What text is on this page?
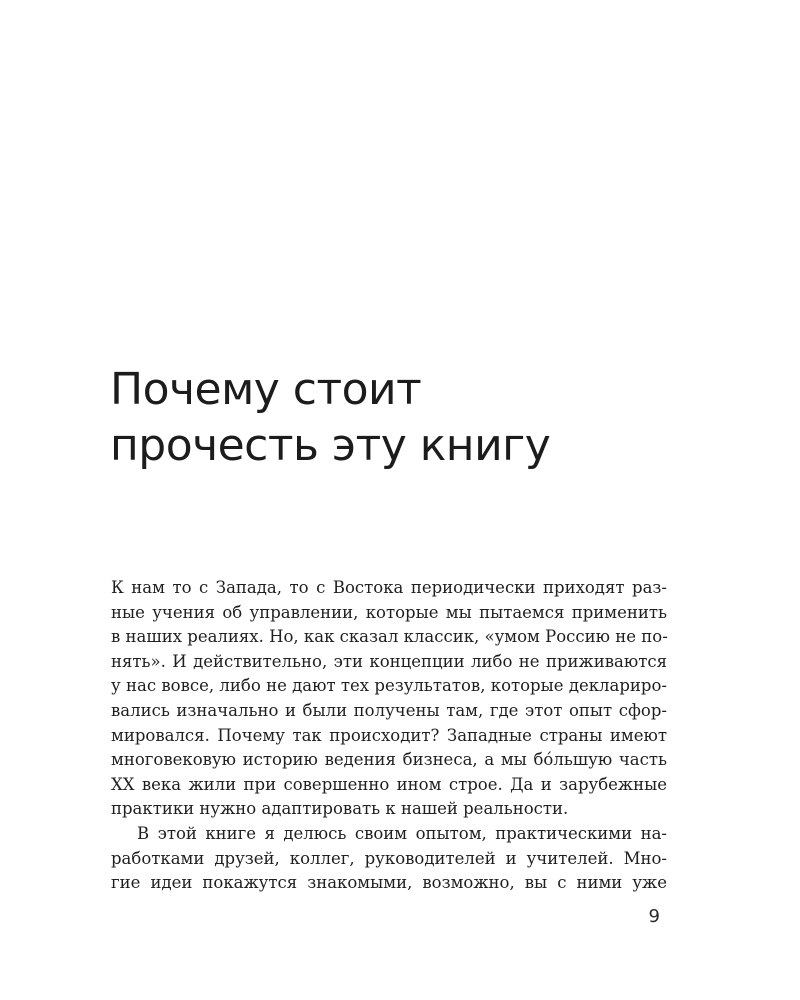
Почему стоит
прочесть эту книгу
К нам то с Запада, то с Востока периодически приходят раз-
ные учения об управлении, которые мы пытаемся применить
в наших реалиях. Но, как сказал классик, «умом Россию не по-
нять». И действительно, эти концепции либо не приживаются
у нас вовсе, либо не дают тех результатов, которые деклариро-
вались изначально и были получены там, где этот опыт сфор-
мировался. Почему так происходит? Западные страны имеют
многовековую историю ведения бизнеса, а мы бо́льшую часть
XX века жили при совершенно ином строе. Да и зарубежные
практики нужно адаптировать к нашей реальности.
В этой книге я делюсь своим опытом, практическими на-
работками друзей, коллег, руководителей и учителей. Мно-
гие идеи покажутся знакомыми, возможно, вы с ними уже
9
